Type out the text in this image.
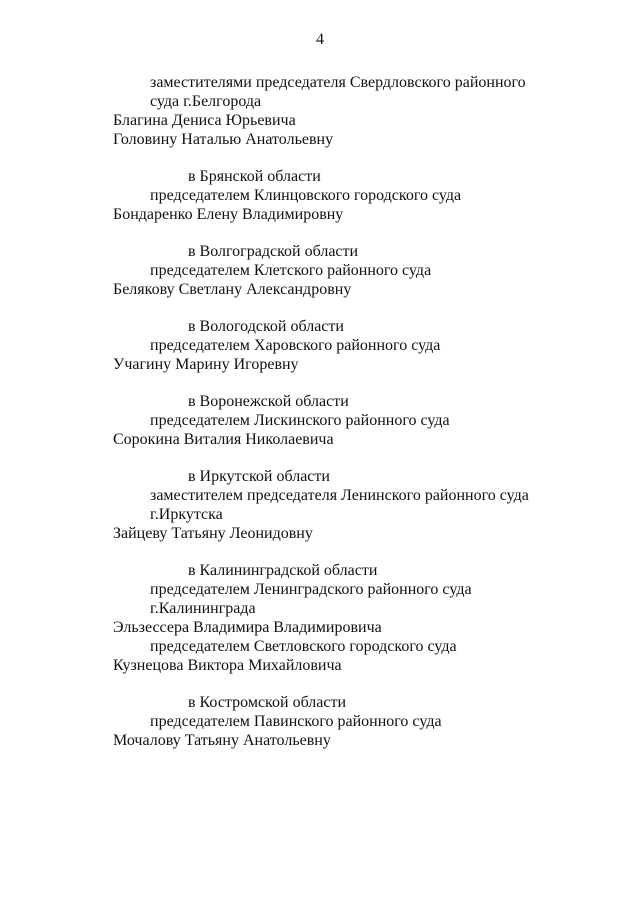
4
заместителями председателя Свердловского районного
суда г.Белгорода
Благина Дениса Юрьевича
Головину Наталью Анатольевну
в Брянской области
председателем Клинцовского городского суда
Бондаренко Елену Владимировну
в Волгоградской области
председателем Клетского районного суда
Белякову Светлану Александровну
в Вологодской области
председателем Харовского районного суда
Учагину Марину Игоревну
в Воронежской области
председателем Лискинского районного суда
Сорокина Виталия Николаевича
в Иркутской области
заместителем председателя Ленинского районного суда
г.Иркутска
Зайцеву Татьяну Леонидовну
в Калининградской области
председателем Ленинградского районного суда
г.Калининграда
Эльзессера Владимира Владимировича
председателем Светловского городского суда
Кузнецова Виктора Михайловича
в Костромской области
председателем Павинского районного суда
Мочалову Татьяну Анатольевну
